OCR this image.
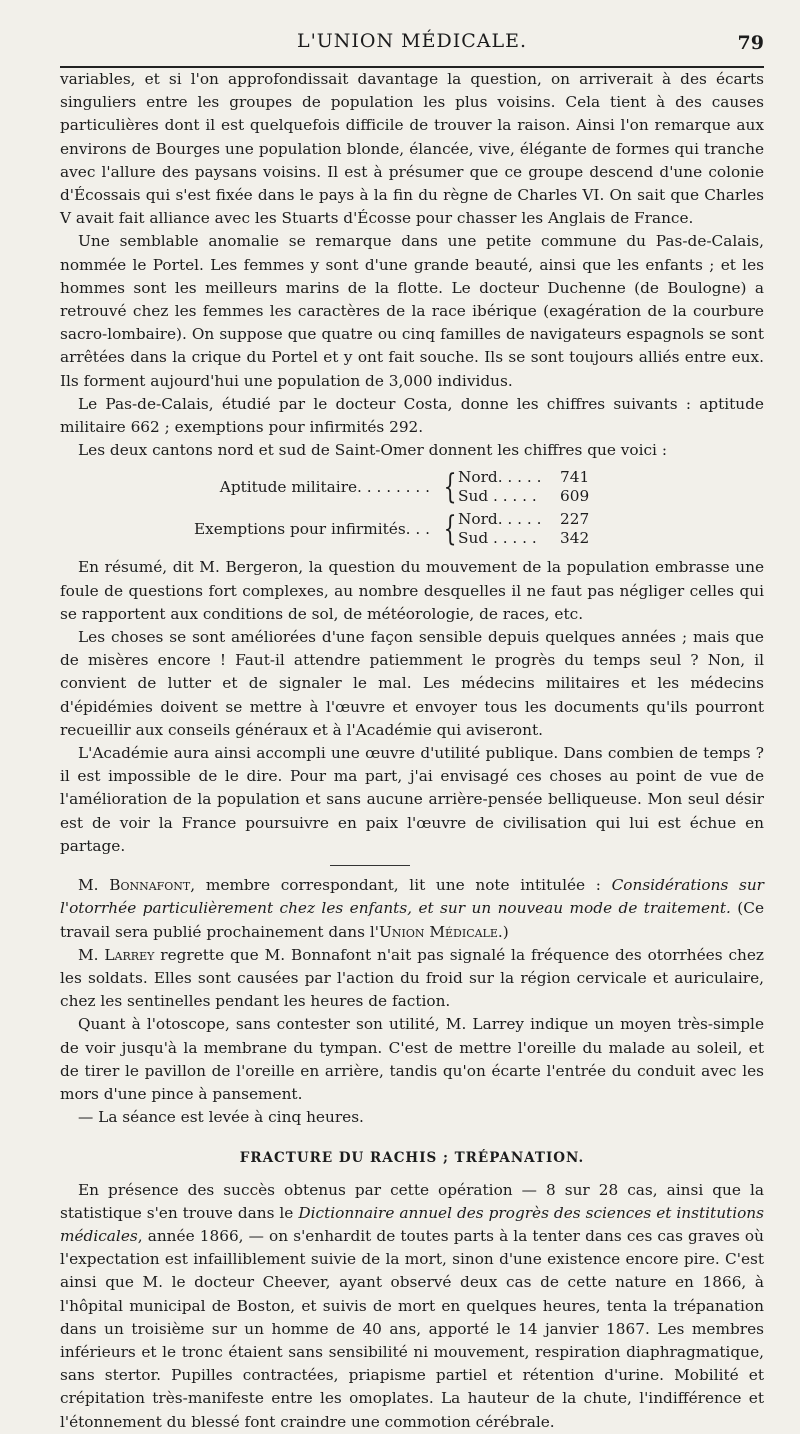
L'UNION MÉDICALE.	79

variables, et si l'on approfondissait davantage la question, on arriverait à des écarts singuliers entre les groupes de population les plus voisins. Cela tient à des causes particulières dont il est quelquefois difficile de trouver la raison. Ainsi l'on remarque aux environs de Bourges une population blonde, élancée, vive, élégante de formes qui tranche avec l'allure des paysans voisins. Il est à présumer que ce groupe descend d'une colonie d'Écossais qui s'est fixée dans le pays à la fin du règne de Charles VI. On sait que Charles V avait fait alliance avec les Stuarts d'Écosse pour chasser les Anglais de France.

Une semblable anomalie se remarque dans une petite commune du Pas-de-Calais, nommée le Portel. Les femmes y sont d'une grande beauté, ainsi que les enfants ; et les hommes sont les meilleurs marins de la flotte. Le docteur Duchenne (de Boulogne) a retrouvé chez les femmes les caractères de la race ibérique (exagération de la courbure sacro-lombaire). On suppose que quatre ou cinq familles de navigateurs espagnols se sont arrêtées dans la crique du Portel et y ont fait souche. Ils se sont toujours alliés entre eux. Ils forment aujourd'hui une population de 3,000 individus.

Le Pas-de-Calais, étudié par le docteur Costa, donne les chiffres suivants : aptitude militaire 662 ; exemptions pour infirmités 292.

Les deux cantons nord et sud de Saint-Omer donnent les chiffres que voici :

Aptitude militaire. . . . . . . . { Nord. . . . .	741
Sud . . . . .	609
Exemptions pour infirmités. . . { Nord. . . . .	227
Sud . . . . .	342

En résumé, dit M. Bergeron, la question du mouvement de la population embrasse une foule de questions fort complexes, au nombre desquelles il ne faut pas négliger celles qui se rapportent aux conditions de sol, de météorologie, de races, etc.

Les choses se sont améliorées d'une façon sensible depuis quelques années ; mais que de misères encore ! Faut-il attendre patiemment le progrès du temps seul ? Non, il convient de lutter et de signaler le mal. Les médecins militaires et les médecins d'épidémies doivent se mettre à l'œuvre et envoyer tous les documents qu'ils pourront recueillir aux conseils généraux et à l'Académie qui aviseront.

L'Académie aura ainsi accompli une œuvre d'utilité publique. Dans combien de temps ? il est impossible de le dire. Pour ma part, j'ai envisagé ces choses au point de vue de l'amélioration de la population et sans aucune arrière-pensée belliqueuse. Mon seul désir est de voir la France poursuivre en paix l'œuvre de civilisation qui lui est échue en partage.

M. Bonnafont, membre correspondant, lit une note intitulée : Considérations sur l'otorrhée particulièrement chez les enfants, et sur un nouveau mode de traitement. (Ce travail sera publié prochainement dans l'Union Médicale.)

M. Larrey regrette que M. Bonnafont n'ait pas signalé la fréquence des otorrhées chez les soldats. Elles sont causées par l'action du froid sur la région cervicale et auriculaire, chez les sentinelles pendant les heures de faction.

Quant à l'otoscope, sans contester son utilité, M. Larrey indique un moyen très-simple de voir jusqu'à la membrane du tympan. C'est de mettre l'oreille du malade au soleil, et de tirer le pavillon de l'oreille en arrière, tandis qu'on écarte l'entrée du conduit avec les mors d'une pince à pansement.

— La séance est levée à cinq heures.

FRACTURE DU RACHIS ; TRÉPANATION.

En présence des succès obtenus par cette opération — 8 sur 28 cas, ainsi que la statistique s'en trouve dans le Dictionnaire annuel des progrès des sciences et institutions médicales, année 1866, — on s'enhardit de toutes parts à la tenter dans ces cas graves où l'expectation est infailliblement suivie de la mort, sinon d'une existence encore pire. C'est ainsi que M. le docteur Cheever, ayant observé deux cas de cette nature en 1866, à l'hôpital municipal de Boston, et suivis de mort en quelques heures, tenta la trépanation dans un troisième sur un homme de 40 ans, apporté le 14 janvier 1867. Les membres inférieurs et le tronc étaient sans sensibilité ni mouvement, respiration diaphragmatique, sans stertor. Pupilles contractées, priapisme partiel et rétention d'urine. Mobilité et crépitation très-manifeste entre les omoplates. La hauteur de la chute, l'indifférence et l'étonnement du blessé font craindre une commotion cérébrale.
